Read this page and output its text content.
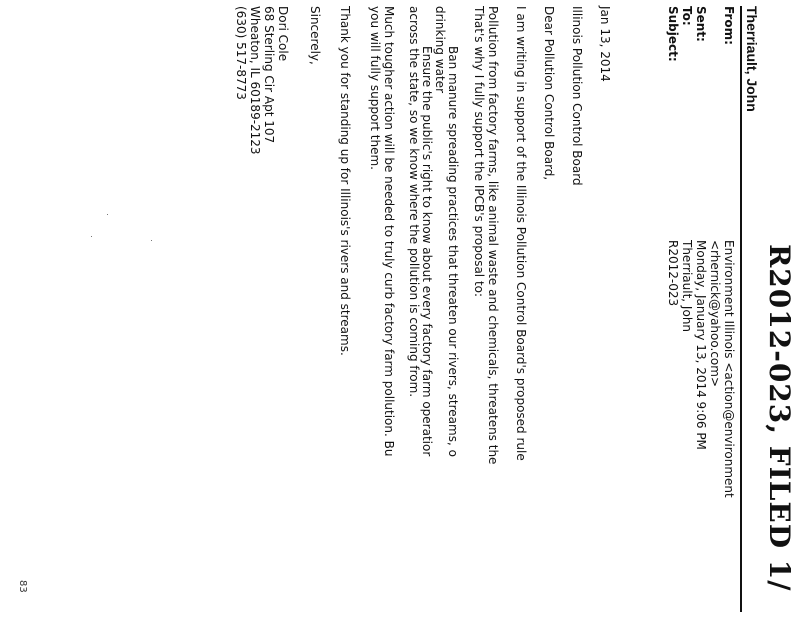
R2012-023, FILED 1/
Therriault, John
From:
Environment Illinois <action@environment
<rhernick@yahoo.com>
Sent:
Monday, January 13, 2014 9:06 PM
To:
Therriault, John
Subject:
R2012-023
Jan 13, 2014
Illinois Pollution Control Board
Dear Pollution Control Board,
I am writing in support of the Illinois Pollution Control Board's proposed rule
Pollution from factory farms, like animal waste and chemicals, threatens the
That's why I fully support the IPCB's proposal to:
Ban manure spreading practices that threaten our rivers, streams, o
drinking water
Ensure the public's right to know about every factory farm operatior
across the state, so we know where the pollution is coming from.
Much tougher action will be needed to truly curb factory farm pollution. Bu
you will fully support them.
Thank you for standing up for Illinois's rivers and streams.
Sincerely,
Dori Cole
68 Sterling Cir Apt 107
Wheaton, IL 60189-2123
(630) 517-8773
83
